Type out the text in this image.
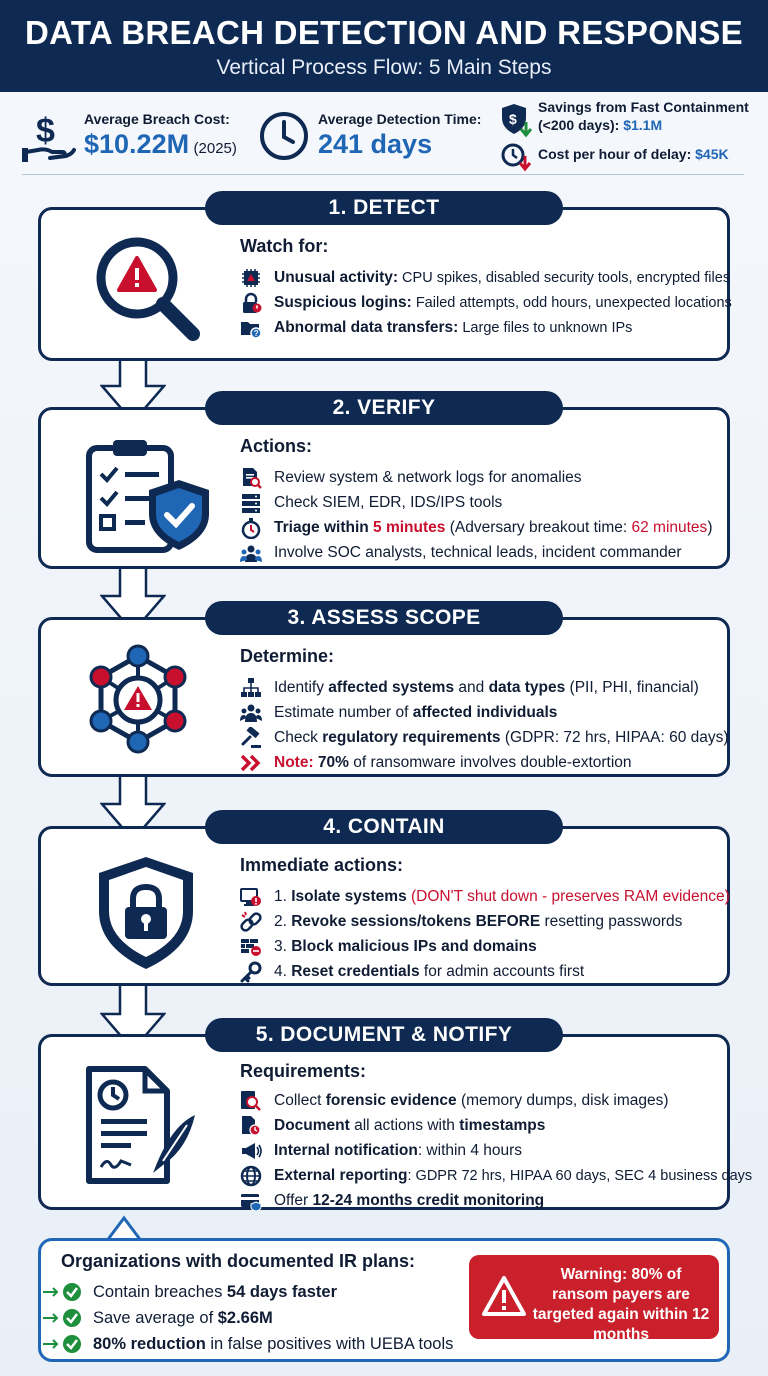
DATA BREACH DETECTION AND RESPONSE
Vertical Process Flow: 5 Main Steps
$ Average Breach Cost:
$10.22M (2025)
Average Detection Time:
241 days
$
Savings from Fast Containment
(<200 days): $1.1M
Cost per hour of delay: $45K
Watch for:
Unusual activity: CPU spikes, disabled security tools, encrypted files
Suspicious logins: Failed attempts, odd hours, unexpected locations
? Abnormal data transfers: Large files to unknown IPs
1. DETECT
Actions:
Review system & network logs for anomalies
Check SIEM, EDR, IDS/IPS tools
Triage within 5 minutes (Adversary breakout time: 62 minutes )
Involve SOC analysts, technical leads, incident commander
2. VERIFY
Determine:
Identify affected systems and data types (PII, PHI, financial)
Estimate number of affected individuals
Check regulatory requirements (GDPR: 72 hrs, HIPAA: 60 days)
Note: 70% of ransomware involves double-extortion
3. ASSESS SCOPE
Immediate actions:
1. Isolate systems (DON'T shut down - preserves RAM evidence)
2. Revoke sessions/tokens BEFORE resetting passwords
3. Block malicious IPs and domains
4. Reset credentials for admin accounts first
4. CONTAIN
Requirements:
Collect forensic evidence (memory dumps, disk images)
Document all actions with timestamps
Internal notification : within 4 hours
External reporting : GDPR 72 hrs, HIPAA 60 days, SEC 4 business days
Offer 12-24 months credit monitoring
5. DOCUMENT & NOTIFY
Organizations with documented IR plans:
Contain breaches 54 days faster
Save average of $2.66M
80% reduction in false positives with UEBA tools
Warning: 80% of ransom payers are targeted again within 12 months
